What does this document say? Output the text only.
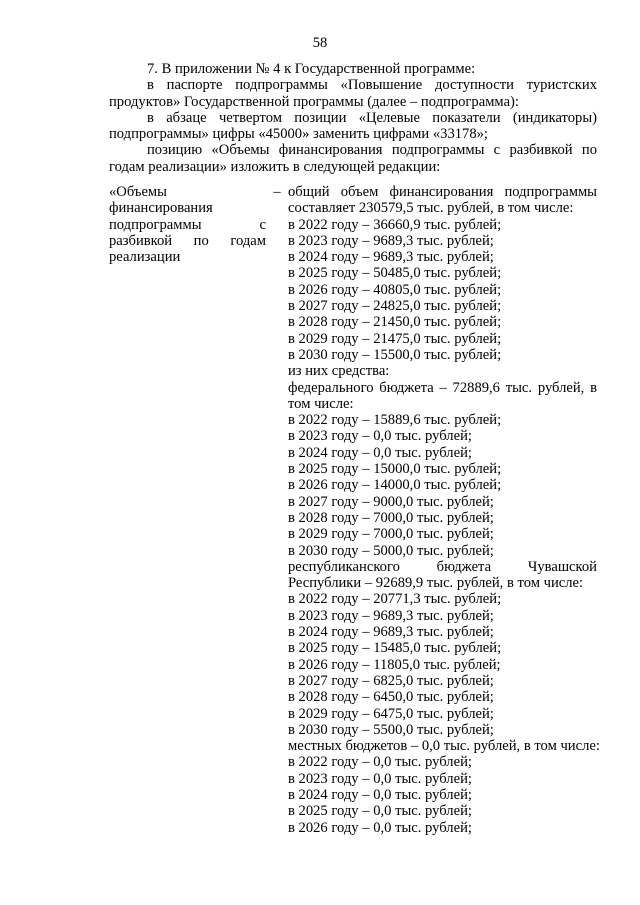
58

7. В приложении № 4 к Государственной программе:

в паспорте подпрограммы «Повышение доступности туристских продуктов» Государственной программы (далее – подпрограмма):

в абзаце четвертом позиции «Целевые показатели (индикаторы) подпрограммы» цифры «45000» заменить цифрами «33178»;

позицию «Объемы финансирования подпрограммы с разбивкой по годам реализации» изложить в следующей редакции:

«Объемы финансирования подпрограммы с разбивкой по годам реализации
– общий объем финансирования подпрограммы составляет 230579,5 тыс. рублей, в том числе:
в 2022 году – 36660,9 тыс. рублей;
в 2023 году – 9689,3 тыс. рублей;
в 2024 году – 9689,3 тыс. рублей;
в 2025 году – 50485,0 тыс. рублей;
в 2026 году – 40805,0 тыс. рублей;
в 2027 году – 24825,0 тыс. рублей;
в 2028 году – 21450,0 тыс. рублей;
в 2029 году – 21475,0 тыс. рублей;
в 2030 году – 15500,0 тыс. рублей;
из них средства:
федерального бюджета – 72889,6 тыс. рублей, в том числе:
в 2022 году – 15889,6 тыс. рублей;
в 2023 году – 0,0 тыс. рублей;
в 2024 году – 0,0 тыс. рублей;
в 2025 году – 15000,0 тыс. рублей;
в 2026 году – 14000,0 тыс. рублей;
в 2027 году – 9000,0 тыс. рублей;
в 2028 году – 7000,0 тыс. рублей;
в 2029 году – 7000,0 тыс. рублей;
в 2030 году – 5000,0 тыс. рублей;
республиканского бюджета Чувашской Республики – 92689,9 тыс. рублей, в том числе:
в 2022 году – 20771,3 тыс. рублей;
в 2023 году – 9689,3 тыс. рублей;
в 2024 году – 9689,3 тыс. рублей;
в 2025 году – 15485,0 тыс. рублей;
в 2026 году – 11805,0 тыс. рублей;
в 2027 году – 6825,0 тыс. рублей;
в 2028 году – 6450,0 тыс. рублей;
в 2029 году – 6475,0 тыс. рублей;
в 2030 году – 5500,0 тыс. рублей;
местных бюджетов – 0,0 тыс. рублей, в том числе:
в 2022 году – 0,0 тыс. рублей;
в 2023 году – 0,0 тыс. рублей;
в 2024 году – 0,0 тыс. рублей;
в 2025 году – 0,0 тыс. рублей;
в 2026 году – 0,0 тыс. рублей;
